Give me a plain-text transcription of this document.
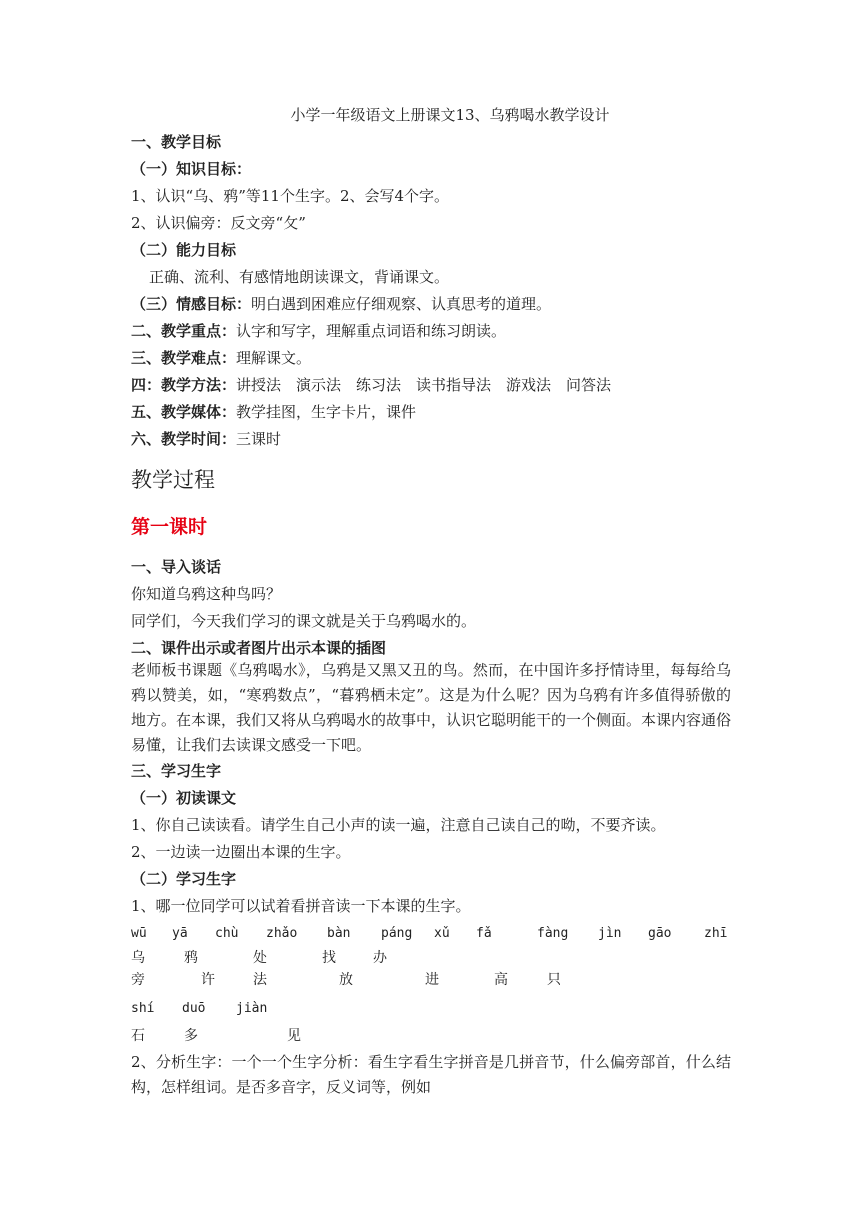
小学一年级语文上册课文13、乌鸦喝水教学设计
一、教学目标
（一）知识目标：
1、认识“乌、鸦”等11个生字。2、会写4个字。
2、认识偏旁：反文旁“攵”
（二）能力目标
正确、流利、有感情地朗读课文，背诵课文。
（三）情感目标：明白遇到困难应仔细观察、认真思考的道理。
二、教学重点：认字和写字，理解重点词语和练习朗读。
三、教学难点：理解课文。
四：教学方法：讲授法　演示法　练习法　读书指导法　游戏法　问答法
五、教学媒体：教学挂图，生字卡片，课件
六、教学时间：三课时
教学过程
第一课时
一、导入谈话
你知道乌鸦这种鸟吗？
同学们，今天我们学习的课文就是关于乌鸦喝水的。
二、课件出示或者图片出示本课的插图
老师板书课题《乌鸦喝水》，乌鸦是又黑又丑的鸟。然而，在中国许多抒情诗里，每每给乌鸦以赞美，如，“寒鸦数点”，“暮鸦栖未定”。这是为什么呢？因为乌鸦有许多值得骄傲的地方。在本课，我们又将从乌鸦喝水的故事中，认识它聪明能干的一个侧面。本课内容通俗易懂，让我们去读课文感受一下吧。
三、学习生字
（一）初读课文
1、你自己读读看。请学生自己小声的读一遍，注意自己读自己的呦，不要齐读。
2、一边读一边圈出本课的生字。
（二）学习生字
1、哪一位同学可以试着看拼音读一下本课的生字。
wū yā chù zhǎo bàn páng xǔ fǎ	fàng jìn gāo	zhī
乌	鸦	处	找	办
旁	许	法	放	进	高	只
shí duō jiàn
石	多	见
2、分析生字：一个一个生字分析：看生字看生字拼音是几拼音节，什么偏旁部首，什么结构，怎样组词。是否多音字，反义词等，例如
